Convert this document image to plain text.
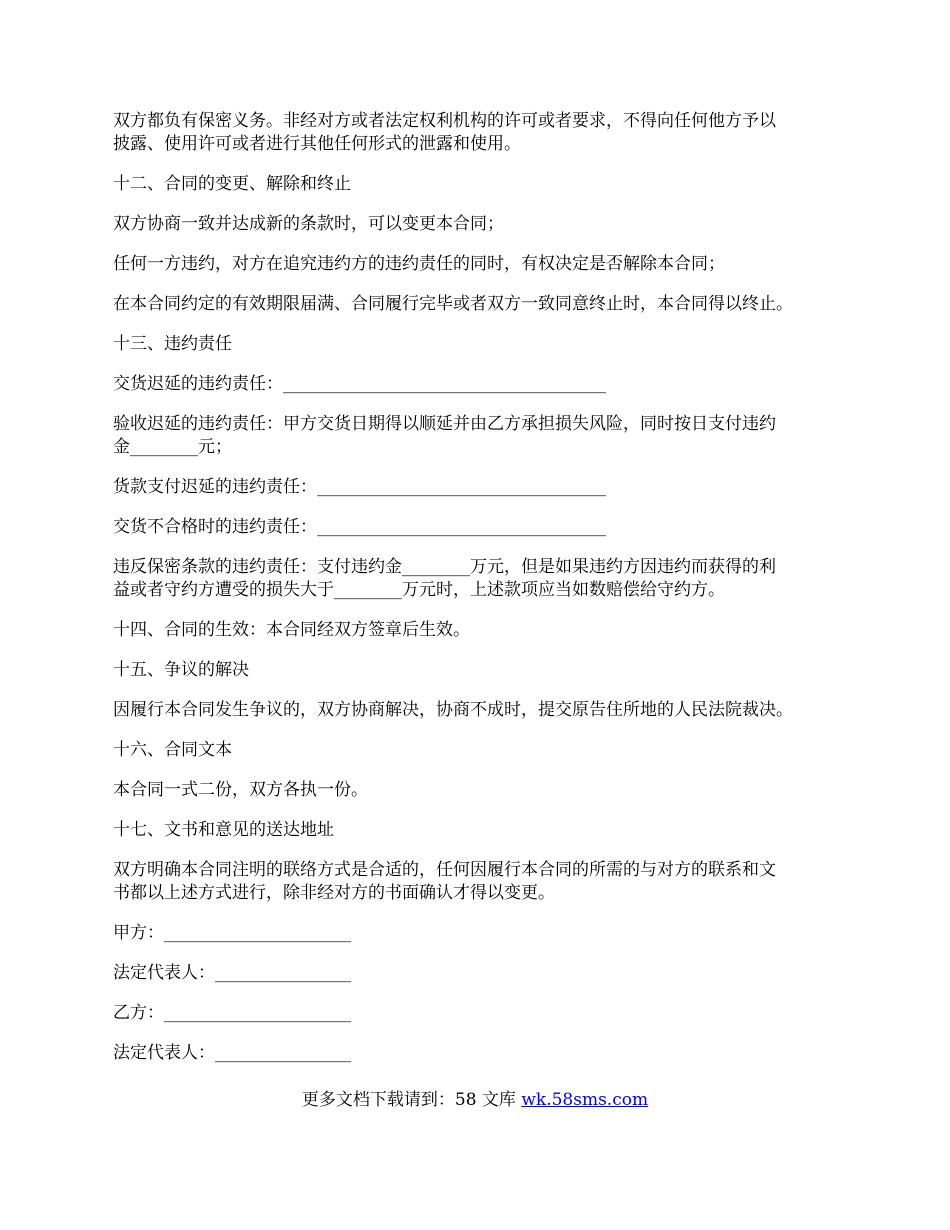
双方都负有保密义务。非经对方或者法定权利机构的许可或者要求，不得向任何他方予以
披露、使用许可或者进行其他任何形式的泄露和使用。

十二、合同的变更、解除和终止

双方协商一致并达成新的条款时，可以变更本合同；

任何一方违约，对方在追究违约方的违约责任的同时，有权决定是否解除本合同；

在本合同约定的有效期限届满、合同履行完毕或者双方一致同意终止时，本合同得以终止。

十三、违约责任

交货迟延的违约责任：______________________________________

验收迟延的违约责任：甲方交货日期得以顺延并由乙方承担损失风险，同时按日支付违约
金________元；

货款支付迟延的违约责任：__________________________________

交货不合格时的违约责任：__________________________________

违反保密条款的违约责任：支付违约金________万元，但是如果违约方因违约而获得的利
益或者守约方遭受的损失大于________万元时，上述款项应当如数赔偿给守约方。

十四、合同的生效：本合同经双方签章后生效。

十五、争议的解决

因履行本合同发生争议的，双方协商解决，协商不成时，提交原告住所地的人民法院裁决。

十六、合同文本

本合同一式二份，双方各执一份。

十七、文书和意见的送达地址

双方明确本合同注明的联络方式是合适的，任何因履行本合同的所需的与对方的联系和文
书都以上述方式进行，除非经对方的书面确认才得以变更。

甲方：______________________

法定代表人：________________

乙方：______________________

法定代表人：________________

更多文档下载请到：58 文库 wk.58sms.com
